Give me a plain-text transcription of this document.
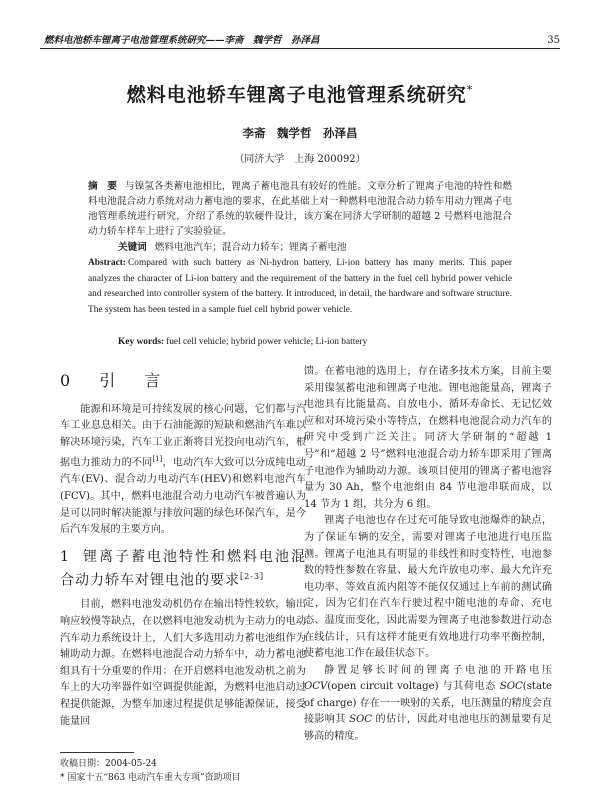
燃料电池轿车锂离子电池管理系统研究——李斋　魏学哲　孙泽昌	35
燃料电池轿车锂离子电池管理系统研究*
李斋　魏学哲　孙泽昌
（同济大学　上海 200092）
摘　要 与镍氢各类蓄电池相比，锂离子蓄电池具有较好的性能。文章分析了锂离子电池的特性和燃料电池混合动力系统对动力蓄电池的要求，在此基础上对一种燃料电池混合动力轿车用动力锂离子电池管理系统进行研究，介绍了系统的软硬件设计，该方案在同济大学研制的超越 2 号燃料电池混合动力轿车样车上进行了实验验证。
关键词 燃料电池汽车；混合动力轿车；锂离子蓄电池
Abstract: Compared with such battery as Ni-hydron battery, Li-ion battery has many merits. This paper analyzes the character of Li-ion battery and the requirement of the battery in the fuel cell hybrid power vehicle and researched into controller system of the battery. It introduced, in detail, the hardware and software structure. The system has been tested in a sample fuel cell hybrid power vehicle.
Key words: fuel cell vehicle; hybrid power vehicle; Li-ion battery
0 引 言

能源和环境是可持续发展的核心问题，它们都与汽车工业息息相关。由于石油能源的短缺和燃油汽车难以解决环境污染，汽车工业正渐将目光投向电动汽车，根据电力推动力的不同[1]，电动汽车大致可以分成纯电动汽车(EV)、混合动力电动汽车(HEV)和燃料电池汽车(FCV)。其中，燃料电池混合动力电动汽车被普遍认为是可以同时解决能源与排放问题的绿色环保汽车，是今后汽车发展的主要方向。

1 锂离子蓄电池特性和燃料电池混合动力轿车对锂电池的要求[2-3]

目前，燃料电池发动机仍存在输出特性较软，输出响应较慢等缺点，在以燃料电池发动机为主动力的电动汽车动力系统设计上，人们大多选用动力蓄电池组作为辅助动力源。在燃料电池混合动力轿车中，动力蓄电池组具有十分重要的作用：在开启燃料电池发动机之前为车上的大功率器件如空调提供能源，为燃料电池启动过程提供能源，为整车加速过程提供足够能源保证，接受能量回

馈。在蓄电池的选用上，存在诸多技术方案，目前主要采用镍氢蓄电池和锂离子电池。锂电池能量高，锂离子电池具有比能量高、自放电小、循环寿命长、无记忆效应和对环境污染小等特点，在燃料电池混合动力汽车的研究中受到广泛关注。同济大学研制的“超越 1 号”和“超越 2 号”燃料电池混合动力轿车即采用了锂离子电池作为辅助动力源。该项目使用的锂离子蓄电池容量为 30 Ah，整个电池组由 84 节电池串联而成，以 14 节为 1 组，共分为 6 组。

锂离子电池也存在过充可能导致电池爆炸的缺点，为了保证车辆的安全，需要对锂离子电池进行电压监测。锂离子电池具有明显的非线性和时变特性，电池参数的特性参数在容量、最大允许放电功率、最大允许充电功率、等效直流内阻等不能仅仅通过上车前的测试确定，因为它们在汽车行驶过程中随电池的寿命、充电态、温度而变化，因此需要为锂离子电池参数进行动态在线估计，只有这样才能更有效地进行功率平衡控制，使蓄电池工作在最佳状态下。

静置足够长时间的锂离子电池的开路电压 OCV(open circuit voltage) 与其荷电态 SOC(state of charge) 存在一一映射的关系，电压测量的精度会直接影响其 SOC 的估计，因此对电池电压的测量要有足够高的精度。

收稿日期：2004-05-24
* 国家十五“863 电动汽车重大专项”资助项目
